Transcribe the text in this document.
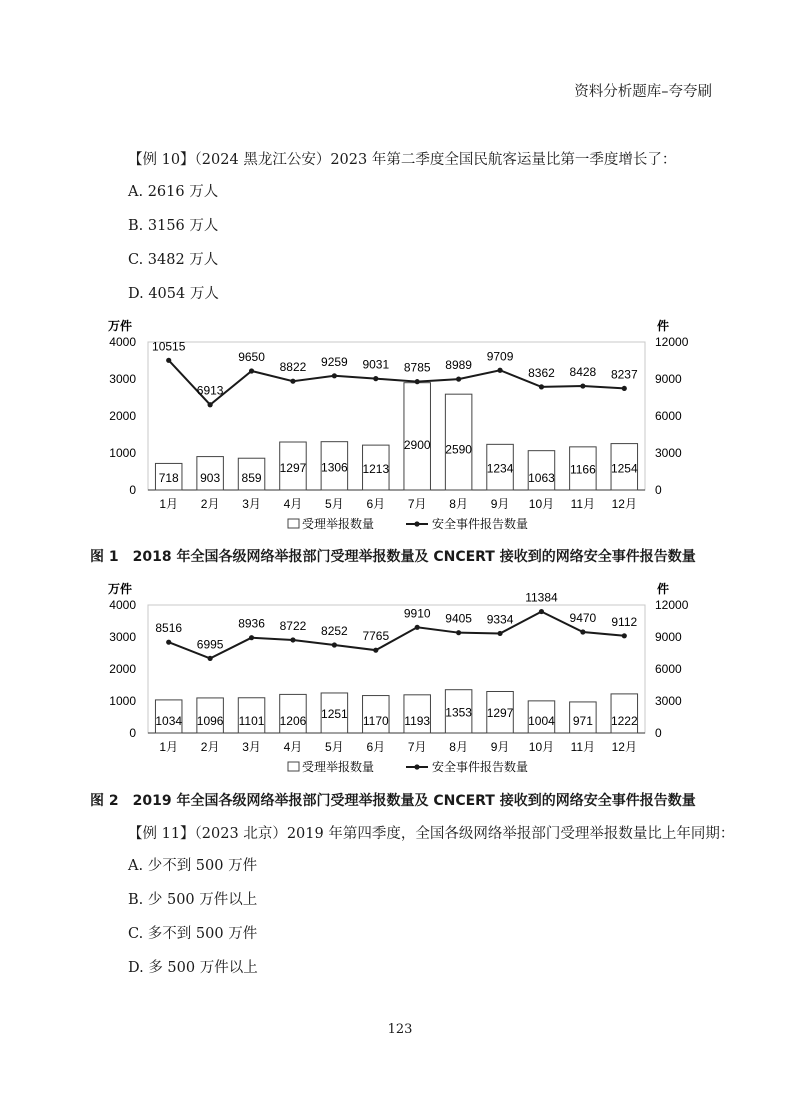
资料分析题库–夸夸刷
【例 10】（2024 黑龙江公安）2023 年第二季度全国民航客运量比第一季度增长了：
A. 2616 万人
B. 3156 万人
C. 3482 万人
D. 4054 万人
万件	件
0
1000
2000
3000
4000
0
3000
6000
9000
12000
718 903 859
1297 1306 1213
2900 2590
1234
1063
1166 1254
1月 2月 3月 4月 5月 6月 7月 8月 9月 10月 11月 12月
10515
6913
9650
8822 9259 9031 8785 8989
9709
8362 8428 8237
受理举报数量	安全事件报告数量
图 1　2018 年全国各级网络举报部门受理举报数量及 CNCERT 接收到的网络安全事件报告数量
万件	件
0
1000
2000
3000
4000
0
3000
6000
9000
12000
1034 1096 1101 1206
1251
1170 1193
1353 1297
1004 971 1222
1月 2月 3月 4月 5月 6月 7月 8月 9月 10月 11月 12月
8516
6995
8936 8722 8252 7765
9910 9405 9334
11384
9470 9112
受理举报数量	安全事件报告数量
图 2　2019 年全国各级网络举报部门受理举报数量及 CNCERT 接收到的网络安全事件报告数量
【例 11】（2023 北京）2019 年第四季度，全国各级网络举报部门受理举报数量比上年同期：
A. 少不到 500 万件
B. 少 500 万件以上
C. 多不到 500 万件
D. 多 500 万件以上
123
